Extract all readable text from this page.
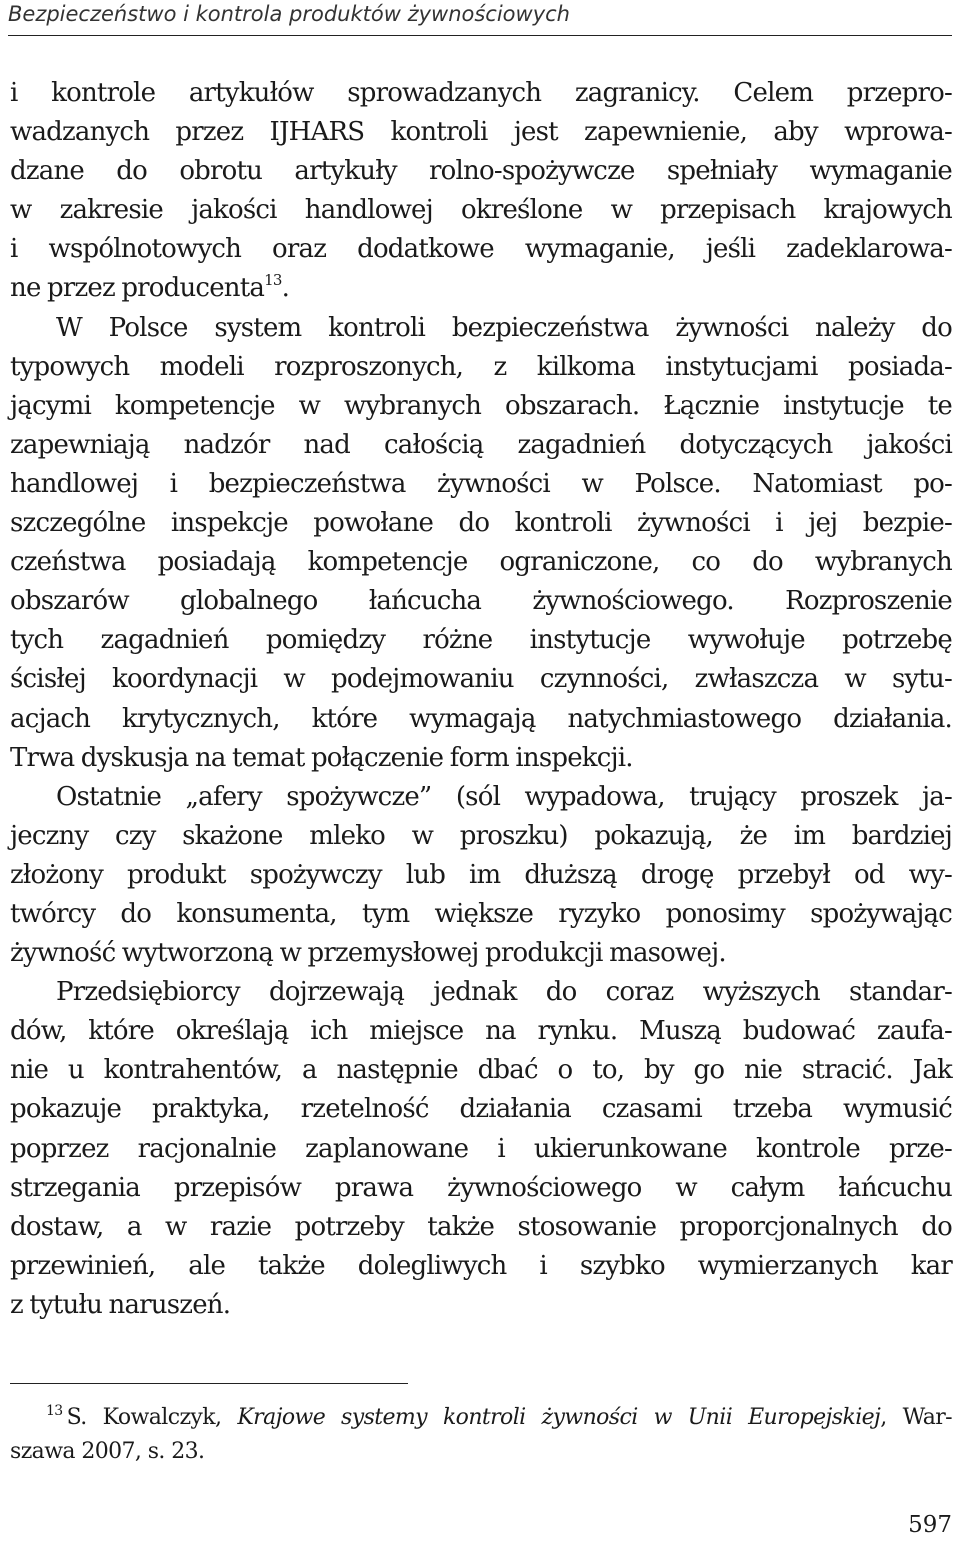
Bezpieczeństwo i kontrola produktów żywnościowych
i kontrole artykułów sprowadzanych zagranicy. Celem przepro-
wadzanych przez IJHARS kontroli jest zapewnienie, aby wprowa-
dzane do obrotu artykuły rolno-spożywcze spełniały wymaganie
w zakresie jakości handlowej określone w przepisach krajowych
i wspólnotowych oraz dodatkowe wymaganie, jeśli zadeklarowa-
ne przez producenta$^{13}$.
W Polsce system kontroli bezpieczeństwa żywności należy do
typowych modeli rozproszonych, z kilkoma instytucjami posiada-
jącymi kompetencje w wybranych obszarach. Łącznie instytucje te
zapewniają nadzór nad całością zagadnień dotyczących jakości
handlowej i bezpieczeństwa żywności w Polsce. Natomiast po-
szczególne inspekcje powołane do kontroli żywności i jej bezpie-
czeństwa posiadają kompetencje ograniczone, co do wybranych
obszarów globalnego łańcucha żywnościowego. Rozproszenie
tych zagadnień pomiędzy różne instytucje wywołuje potrzebę
ścisłej koordynacji w podejmowaniu czynności, zwłaszcza w sytu-
acjach krytycznych, które wymagają natychmiastowego działania.
Trwa dyskusja na temat połączenie form inspekcji.
Ostatnie „afery spożywcze” (sól wypadowa, trujący proszek ja-
jeczny czy skażone mleko w proszku) pokazują, że im bardziej
złożony produkt spożywczy lub im dłuższą drogę przebył od wy-
twórcy do konsumenta, tym większe ryzyko ponosimy spożywając
żywność wytworzoną w przemysłowej produkcji masowej.
Przedsiębiorcy dojrzewają jednak do coraz wyższych standar-
dów, które określają ich miejsce na rynku. Muszą budować zaufa-
nie u kontrahentów, a następnie dbać o to, by go nie stracić. Jak
pokazuje praktyka, rzetelność działania czasami trzeba wymusić
poprzez racjonalnie zaplanowane i ukierunkowane kontrole prze-
strzegania przepisów prawa żywnościowego w całym łańcuchu
dostaw, a w razie potrzeby także stosowanie proporcjonalnych do
przewinień, ale także dolegliwych i szybko wymierzanych kar
z tytułu naruszeń.
$^{13}$ S. Kowalczyk, Krajowe systemy kontroli żywności w Unii Europejskiej, War-
szawa 2007, s. 23.
597
